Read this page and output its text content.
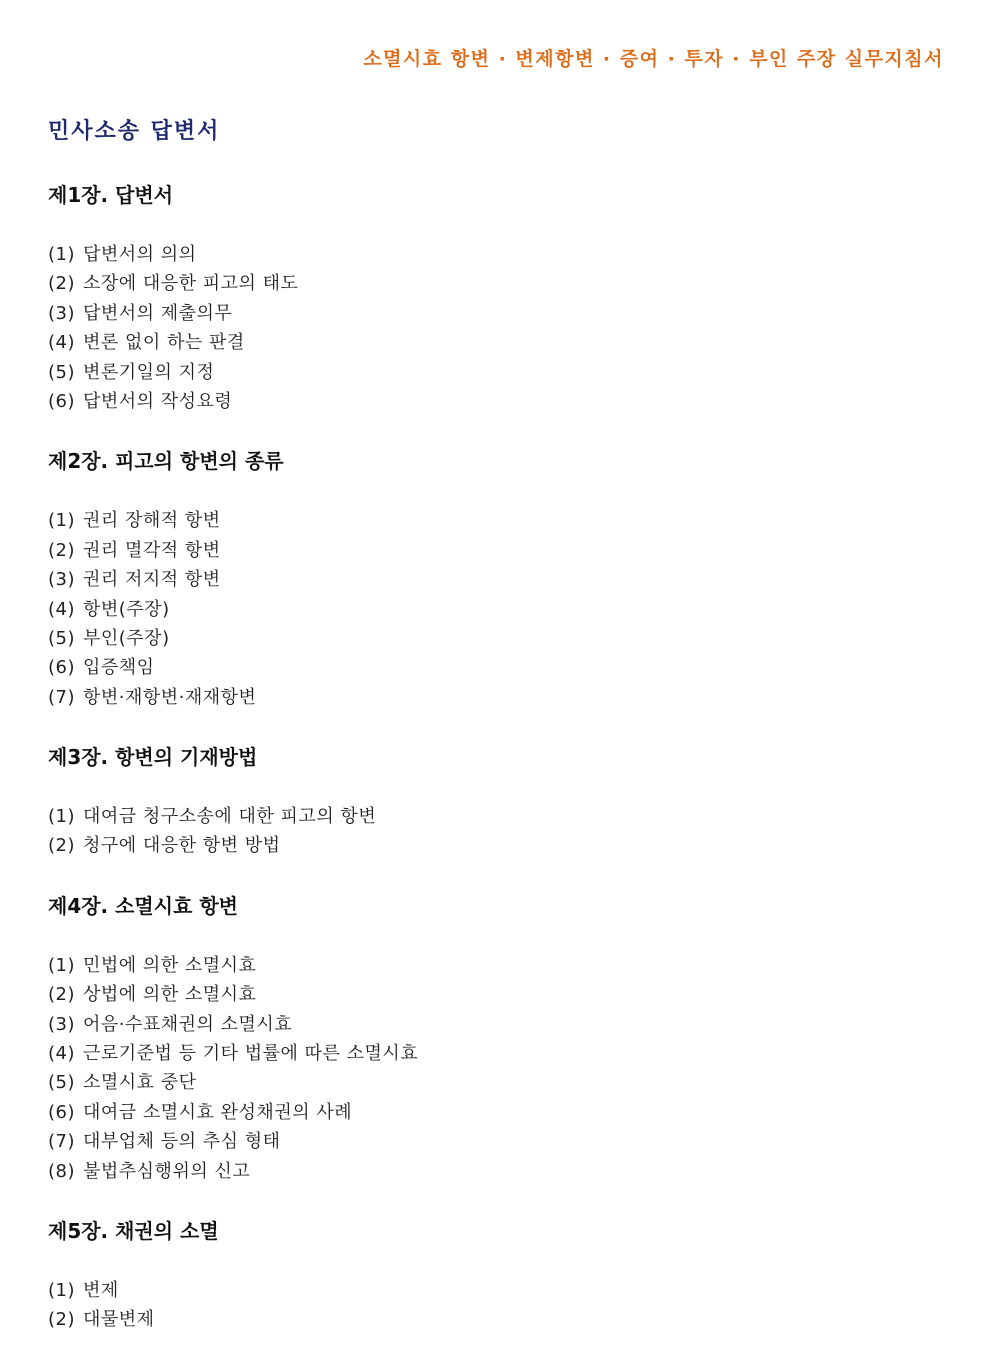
소멸시효 항변 · 변제항변 · 증여 · 투자 · 부인 주장 실무지침서
민사소송 답변서
제1장. 답변서
(1) 답변서의 의의
(2) 소장에 대응한 피고의 태도
(3) 답변서의 제출의무
(4) 변론 없이 하는 판결
(5) 변론기일의 지정
(6) 답변서의 작성요령
제2장. 피고의 항변의 종류
(1) 권리 장해적 항변
(2) 권리 멸각적 항변
(3) 권리 저지적 항변
(4) 항변(주장)
(5) 부인(주장)
(6) 입증책임
(7) 항변·재항변·재재항변
제3장. 항변의 기재방법
(1) 대여금 청구소송에 대한 피고의 항변
(2) 청구에 대응한 항변 방법
제4장. 소멸시효 항변
(1) 민법에 의한 소멸시효
(2) 상법에 의한 소멸시효
(3) 어음·수표채권의 소멸시효
(4) 근로기준법 등 기타 법률에 따른 소멸시효
(5) 소멸시효 중단
(6) 대여금 소멸시효 완성채권의 사례
(7) 대부업체 등의 추심 형태
(8) 불법추심행위의 신고
제5장. 채권의 소멸
(1) 변제
(2) 대물변제
